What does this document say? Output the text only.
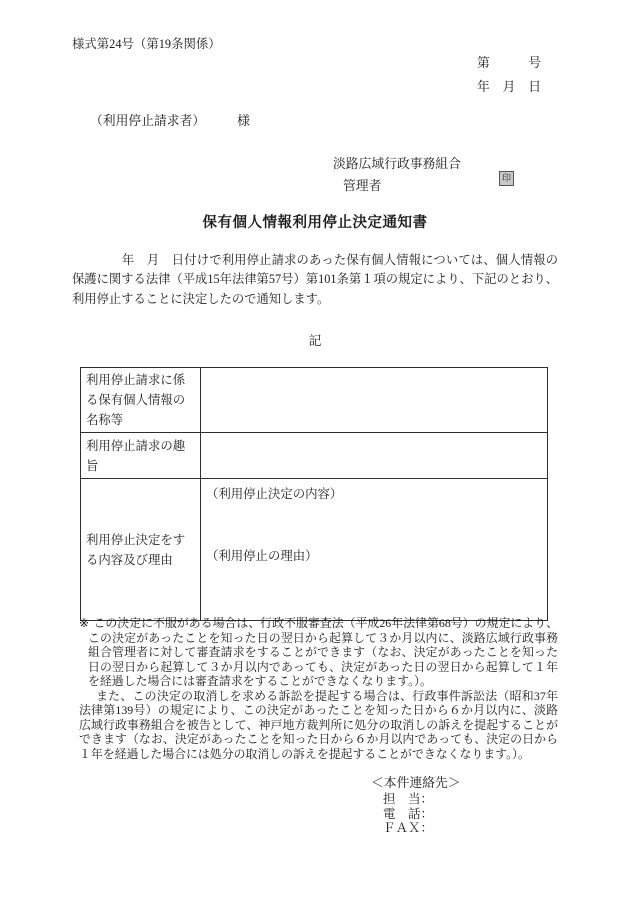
様式第24号（第19条関係）
第　　　号
年　月　日
（利用停止請求者）　　　様
淡路広域行政事務組合
管理者
印
保有個人情報利用停止決定通知書
　　　　年　月　日付けで利用停止請求のあった保有個人情報については、個人情報の保護に関する法律（平成15年法律第57号）第101条第１項の規定により、下記のとおり、利用停止することに決定したので通知します。
記
利用停止請求に係る保有個人情報の名称等	
利用停止請求の趣旨	
利用停止決定をする内容及び理由	（利用停止決定の内容）
（利用停止の理由）

※ この決定に不服がある場合は、行政不服審査法（平成26年法律第68号）の規定により、この決定があったことを知った日の翌日から起算して３か月以内に、淡路広域行政事務組合管理者に対して審査請求をすることができます（なお、決定があったことを知った日の翌日から起算して３か月以内であっても、決定があった日の翌日から起算して１年を経過した場合には審査請求をすることができなくなります。）。

また、この決定の取消しを求める訴訟を提起する場合は、行政事件訴訟法（昭和37年法律第139号）の規定により、この決定があったことを知った日から６か月以内に、淡路広域行政事務組合を被告として、神戸地方裁判所に処分の取消しの訴えを提起することができます（なお、決定があったことを知った日から６か月以内であっても、決定の日から１年を経過した場合には処分の取消しの訴えを提起することができなくなります。）。

＜本件連絡先＞
担　当：
電　話：
ＦＡＸ：
